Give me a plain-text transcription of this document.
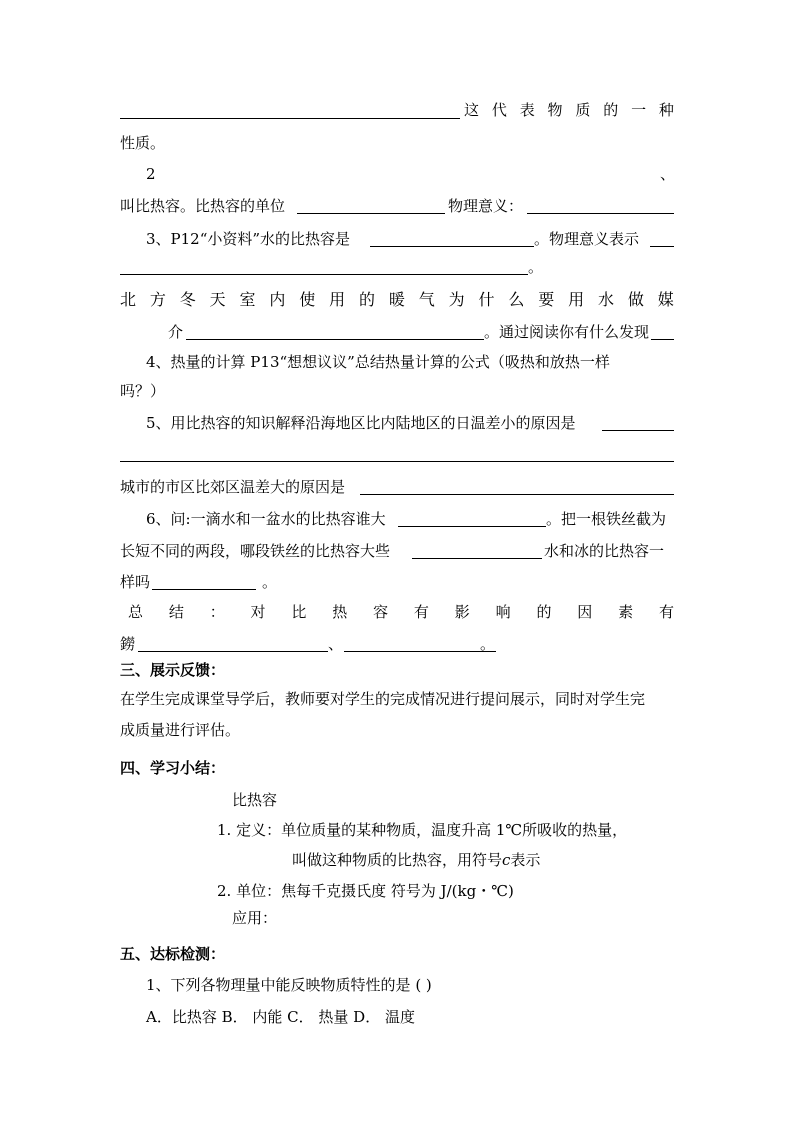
这 代 表 物 质 的 一 种
性质。
2	、
叫比热容。比热容的单位	物理意义：
3、P12“小资料”水的比热容是	。物理意义表示
。
北 方 冬 天 室 内 使 用 的 暖 气 为 什 么 要 用 水 做 媒
介	。通过阅读你有什么发现
4、热量的计算 P13“想想议议”总结热量计算的公式（吸热和放热一样
吗？）
5、用比热容的知识解释沿海地区比内陆地区的日温差小的原因是
城市的市区比郊区温差大的原因是
6、问:一滴水和一盆水的比热容谁大	。把一根铁丝截为
长短不同的两段，哪段铁丝的比热容大些	水和冰的比热容一
样吗	。
总 结 ： 对 比 热 容 有 影 响 的 因 素 有
鐒	、	。
三、展示反馈：
在学生完成课堂导学后，教师要对学生的完成情况进行提问展示，同时对学生完
成质量进行评估。
四、学习小结：
比热容
1. 定义：单位质量的某种物质，温度升高 1℃所吸收的热量，
叫做这种物质的比热容，用符号c表示
2. 单位：焦每千克摄氏度 符号为 J/(kg・℃)
应用：
五、达标检测：
1、下列各物理量中能反映物质特性的是 ( )
A．比热容 B． 内能 C． 热量 D． 温度
